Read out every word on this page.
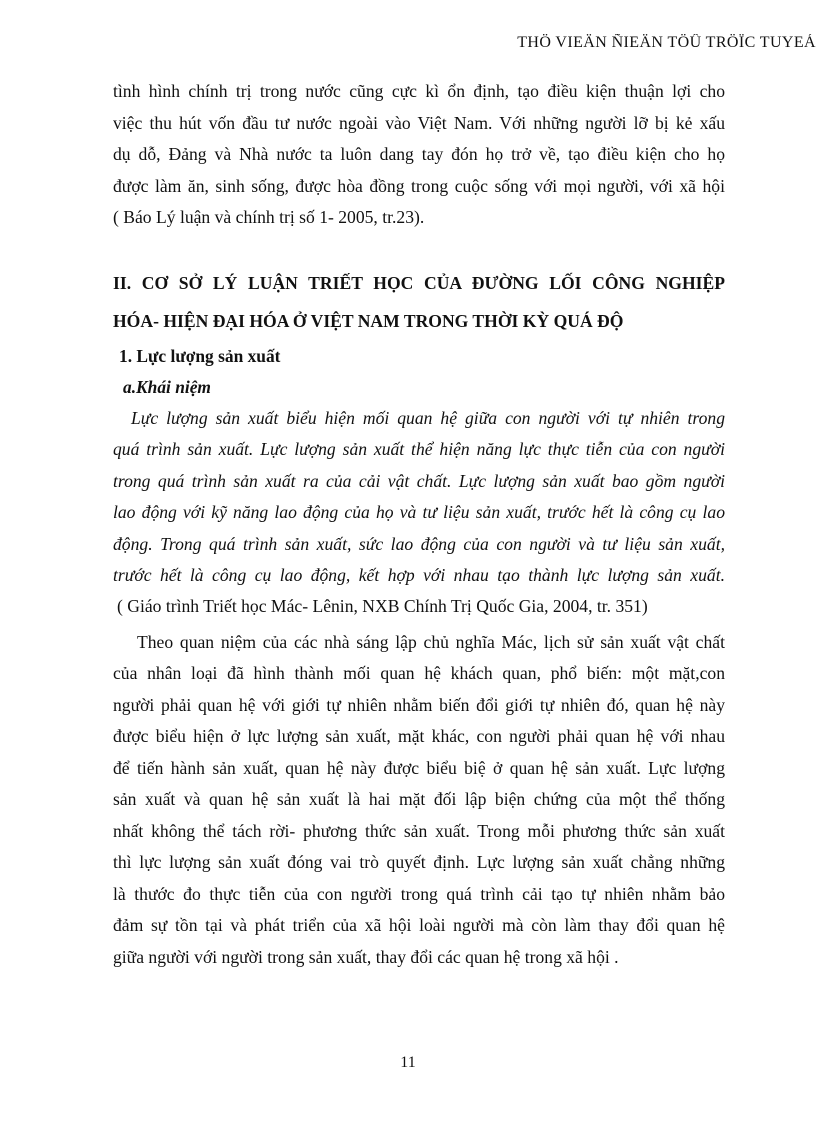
THÖ VIEÄN ÑIEÄN TÖÛ TRÖÏC TUYEÁ
tình hình chính trị trong nước cũng cực kì ổn định, tạo điều kiện thuận lợi cho
việc thu hút vốn đầu tư nước ngoài vào Việt Nam. Với những người lỡ bị kẻ xấu
dụ dỗ, Đảng và Nhà nước ta luôn dang tay đón họ trở về, tạo điều kiện cho họ
được làm ăn, sinh sống, được hòa đồng trong cuộc sống với mọi người, với xã hội
( Báo Lý luận và chính trị số 1- 2005, tr.23).
II. CƠ SỞ LÝ LUẬN TRIẾT HỌC CỦA ĐƯỜNG LỐI CÔNG NGHIỆP
HÓA- HIỆN ĐẠI HÓA Ở VIỆT NAM TRONG THỜI KỲ QUÁ ĐỘ
1. Lực lượng sản xuất
a.Khái niệm
Lực lượng sản xuất biểu hiện mối quan hệ giữa con người với tự nhiên trong
quá trình sản xuất. Lực lượng sản xuất thể hiện năng lực thực tiễn của con người
trong quá trình sản xuất ra của cải vật chất. Lực lượng sản xuất bao gồm người
lao động với kỹ năng lao động của họ và tư liệu sản xuất, trước hết là công cụ lao
động. Trong quá trình sản xuất, sức lao động của con người và tư liệu sản xuất,
trước hết là công cụ lao động, kết hợp với nhau tạo thành lực lượng sản xuất.
( Giáo trình Triết học Mác- Lênin, NXB Chính Trị Quốc Gia, 2004, tr. 351)
Theo quan niệm của các nhà sáng lập chủ nghĩa Mác, lịch sử sản xuất vật chất
của nhân loại đã hình thành mối quan hệ khách quan, phổ biến: một mặt,con
người phải quan hệ với giới tự nhiên nhằm biến đổi giới tự nhiên đó, quan hệ này
được biểu hiện ở lực lượng sản xuất, mặt khác, con người phải quan hệ với nhau
để tiến hành sản xuất, quan hệ này được biểu biệ ở quan hệ sản xuất. Lực lượng
sản xuất và quan hệ sản xuất là hai mặt đối lập biện chứng của một thể thống
nhất không thể tách rời- phương thức sản xuất. Trong mỗi phương thức sản xuất
thì lực lượng sản xuất đóng vai trò quyết định. Lực lượng sản xuất chẳng những
là thước đo thực tiễn của con người trong quá trình cải tạo tự nhiên nhằm bảo
đảm sự tồn tại và phát triển của xã hội loài người mà còn làm thay đổi quan hệ
giữa người với người trong sản xuất, thay đổi các quan hệ trong xã hội .
11
